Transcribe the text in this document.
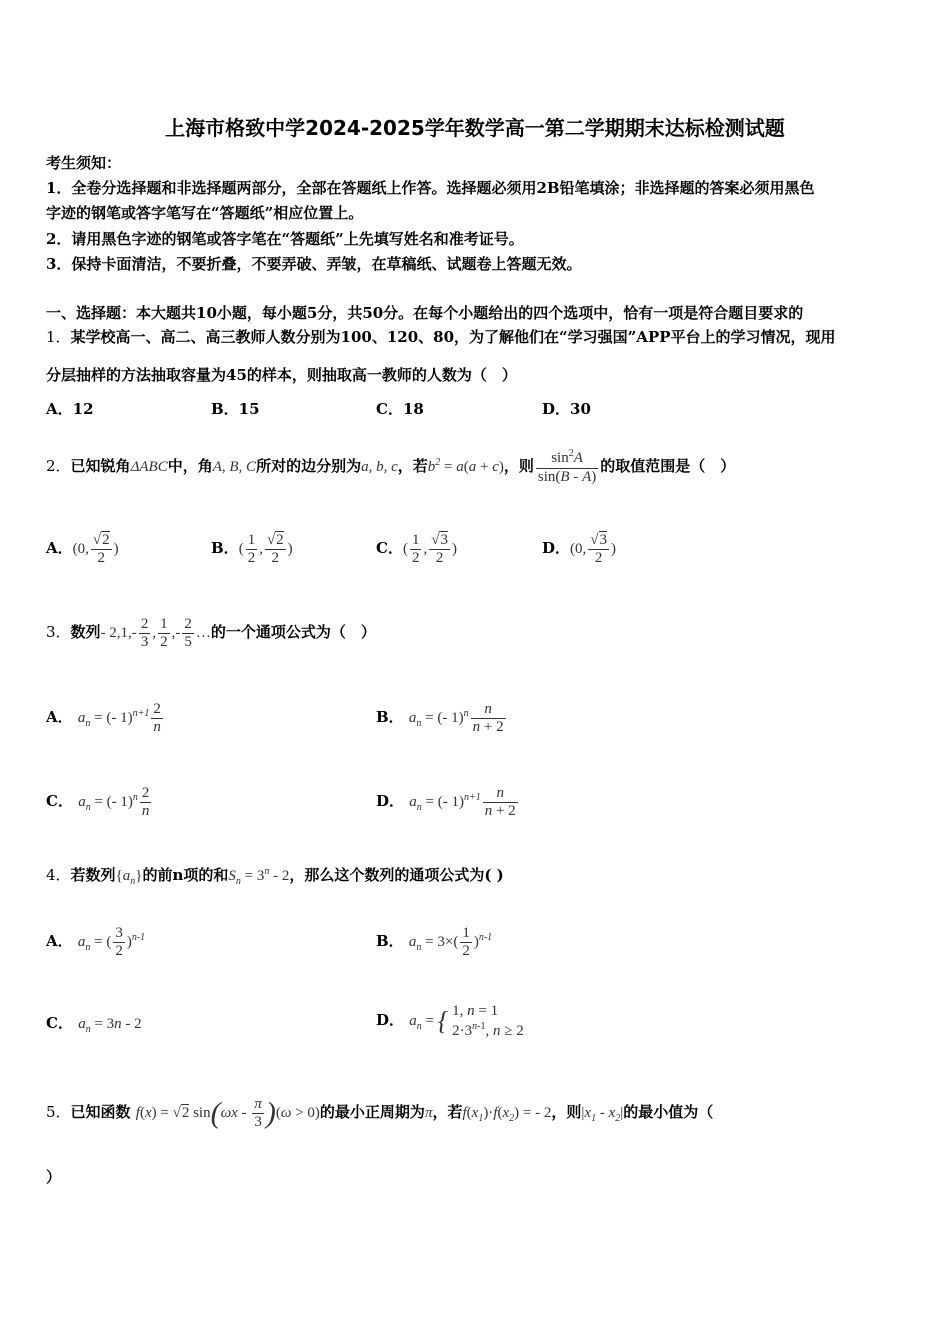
上海市格致中学2024-2025学年数学高一第二学期期末达标检测试题
考生须知：
1．全卷分选择题和非选择题两部分，全部在答题纸上作答。选择题必须用2B铅笔填涂；非选择题的答案必须用黑色
字迹的钢笔或答字笔写在“答题纸”相应位置上。
2．请用黑色字迹的钢笔或答字笔在“答题纸”上先填写姓名和准考证号。
3．保持卡面清洁，不要折叠，不要弄破、弄皱，在草稿纸、试题卷上答题无效。
一、选择题：本大题共10小题，每小题5分，共50分。在每个小题给出的四个选项中，恰有一项是符合题目要求的
1．某学校高一、高二、高三教师人数分别为100、120、80，为了解他们在“学习强国”APP平台上的学习情况，现用
分层抽样的方法抽取容量为45的样本，则抽取高一教师的人数为（　）
A．12	B．15	C．18	D．30
2．已知锐角ΔABC中，角A, B, C所对的边分别为a, b, c，若$b^2 = a(a + c)$，则 $\frac{\sin^2A}{\sin(B - A)}$ 的取值范围是（　）
A．(0, $\frac{√2}{2}$ )	B．( $\frac{1}{2}$ , $\frac{√2}{2}$ )	C．( $\frac{1}{2}$ , $\frac{√3}{2}$ )	D．(0, $\frac{√3}{2}$ )
3．数列- $2,1,- \frac{2}{3}$ , $\frac{1}{2}$ ,- $\frac{2}{5}$ …的一个通项公式为（　）
A． $a_n$ = (- $1)^{n+1} \frac{2}{n}$	B． $a_n$ = (- $1)^n \frac{n}{n + 2}$
C． $a_n$ = (- $1)^n \frac{2}{n}$	D． $a_n$ = (- $1)^{n+1} \frac{n}{n + 2}$
4．若数列$\{a_n\}$的前n项的和$S_n = 3^n - 2$，那么这个数列的通项公式为( )
A． $a_n$ = ( $\frac{3}{2} )^{n-1}$	B． $a_n = 3\times( \frac{1}{2} )^{n-1}$
C． $a_n = 3n - 2$	D． $a_n$ = { 1, n = 1
$2\cdot 3^{n-1}$, n ≥ 2
5．已知函数 f(x) = √2 $\sin(\omega x - \frac{\pi}{3} )(\omega > 0)$的最小正周期为π，若$f(x_1)\cdot f(x_2)$ = - 2，则$|x_1 - x_2|$的最小值为（
）
